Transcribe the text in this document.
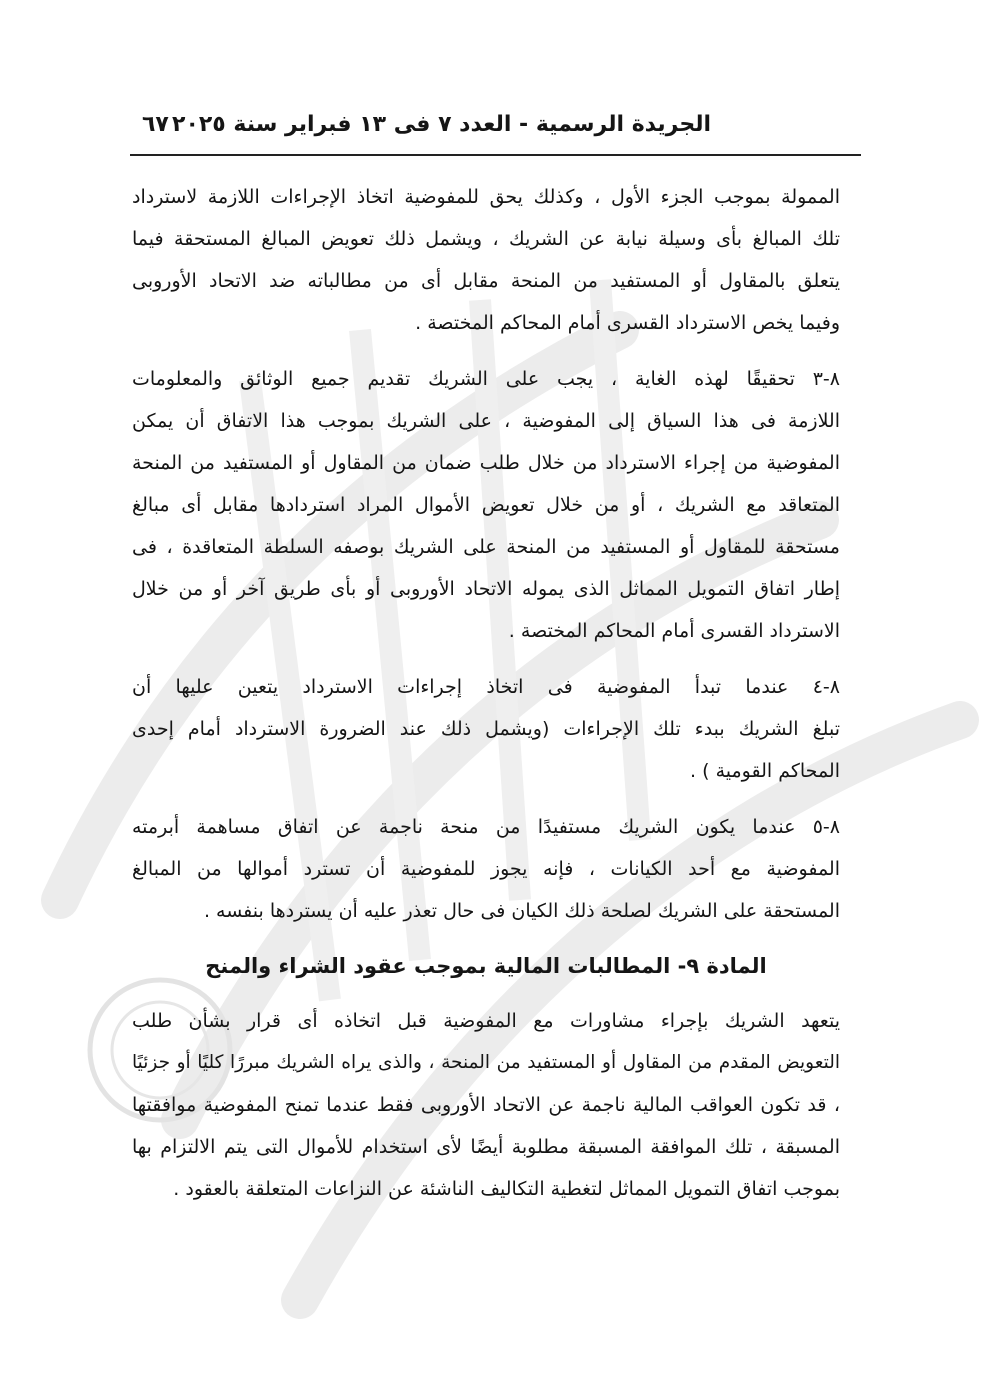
الجريدة الرسمية - العدد ٧ فى ١٣ فبراير سنة ٢٠٢٥
٦٧
الممولة بموجب الجزء الأول ، وكذلك يحق للمفوضية اتخاذ الإجراءات اللازمة لاسترداد
تلك المبالغ بأى وسيلة نيابة عن الشريك ، ويشمل ذلك تعويض المبالغ المستحقة فيما
يتعلق بالمقاول أو المستفيد من المنحة مقابل أى من مطالباته ضد الاتحاد الأوروبى
وفيما يخص الاسترداد القسرى أمام المحاكم المختصة .
٨-٣ تحقيقًا لهذه الغاية ، يجب على الشريك تقديم جميع الوثائق والمعلومات
اللازمة فى هذا السياق إلى المفوضية ، على الشريك بموجب هذا الاتفاق أن يمكن
المفوضية من إجراء الاسترداد من خلال طلب ضمان من المقاول أو المستفيد من المنحة
المتعاقد مع الشريك ، أو من خلال تعويض الأموال المراد استردادها مقابل أى مبالغ
مستحقة للمقاول أو المستفيد من المنحة على الشريك بوصفه السلطة المتعاقدة ، فى
إطار اتفاق التمويل المماثل الذى يموله الاتحاد الأوروبى أو بأى طريق آخر أو من خلال
الاسترداد القسرى أمام المحاكم المختصة .
٨-٤ عندما تبدأ المفوضية فى اتخاذ إجراءات الاسترداد يتعين عليها أن
تبلغ الشريك ببدء تلك الإجراءات (ويشمل ذلك عند الضرورة الاسترداد أمام إحدى
المحاكم القومية ) .
٨-٥ عندما يكون الشريك مستفيدًا من منحة ناجمة عن اتفاق مساهمة أبرمته
المفوضية مع أحد الكيانات ، فإنه يجوز للمفوضية أن تسترد أموالها من المبالغ
المستحقة على الشريك لصلحة ذلك الكيان فى حال تعذر عليه أن يستردها بنفسه .
المادة ٩- المطالبات المالية بموجب عقود الشراء والمنح
يتعهد الشريك بإجراء مشاورات مع المفوضية قبل اتخاذه أى قرار بشأن طلب
التعويض المقدم من المقاول أو المستفيد من المنحة ، والذى يراه الشريك مبررًا كليًا أو جزئيًا
، قد تكون العواقب المالية ناجمة عن الاتحاد الأوروبى فقط عندما تمنح المفوضية موافقتها
المسبقة ، تلك الموافقة المسبقة مطلوبة أيضًا لأى استخدام للأموال التى يتم الالتزام بها
بموجب اتفاق التمويل المماثل لتغطية التكاليف الناشئة عن النزاعات المتعلقة بالعقود .
